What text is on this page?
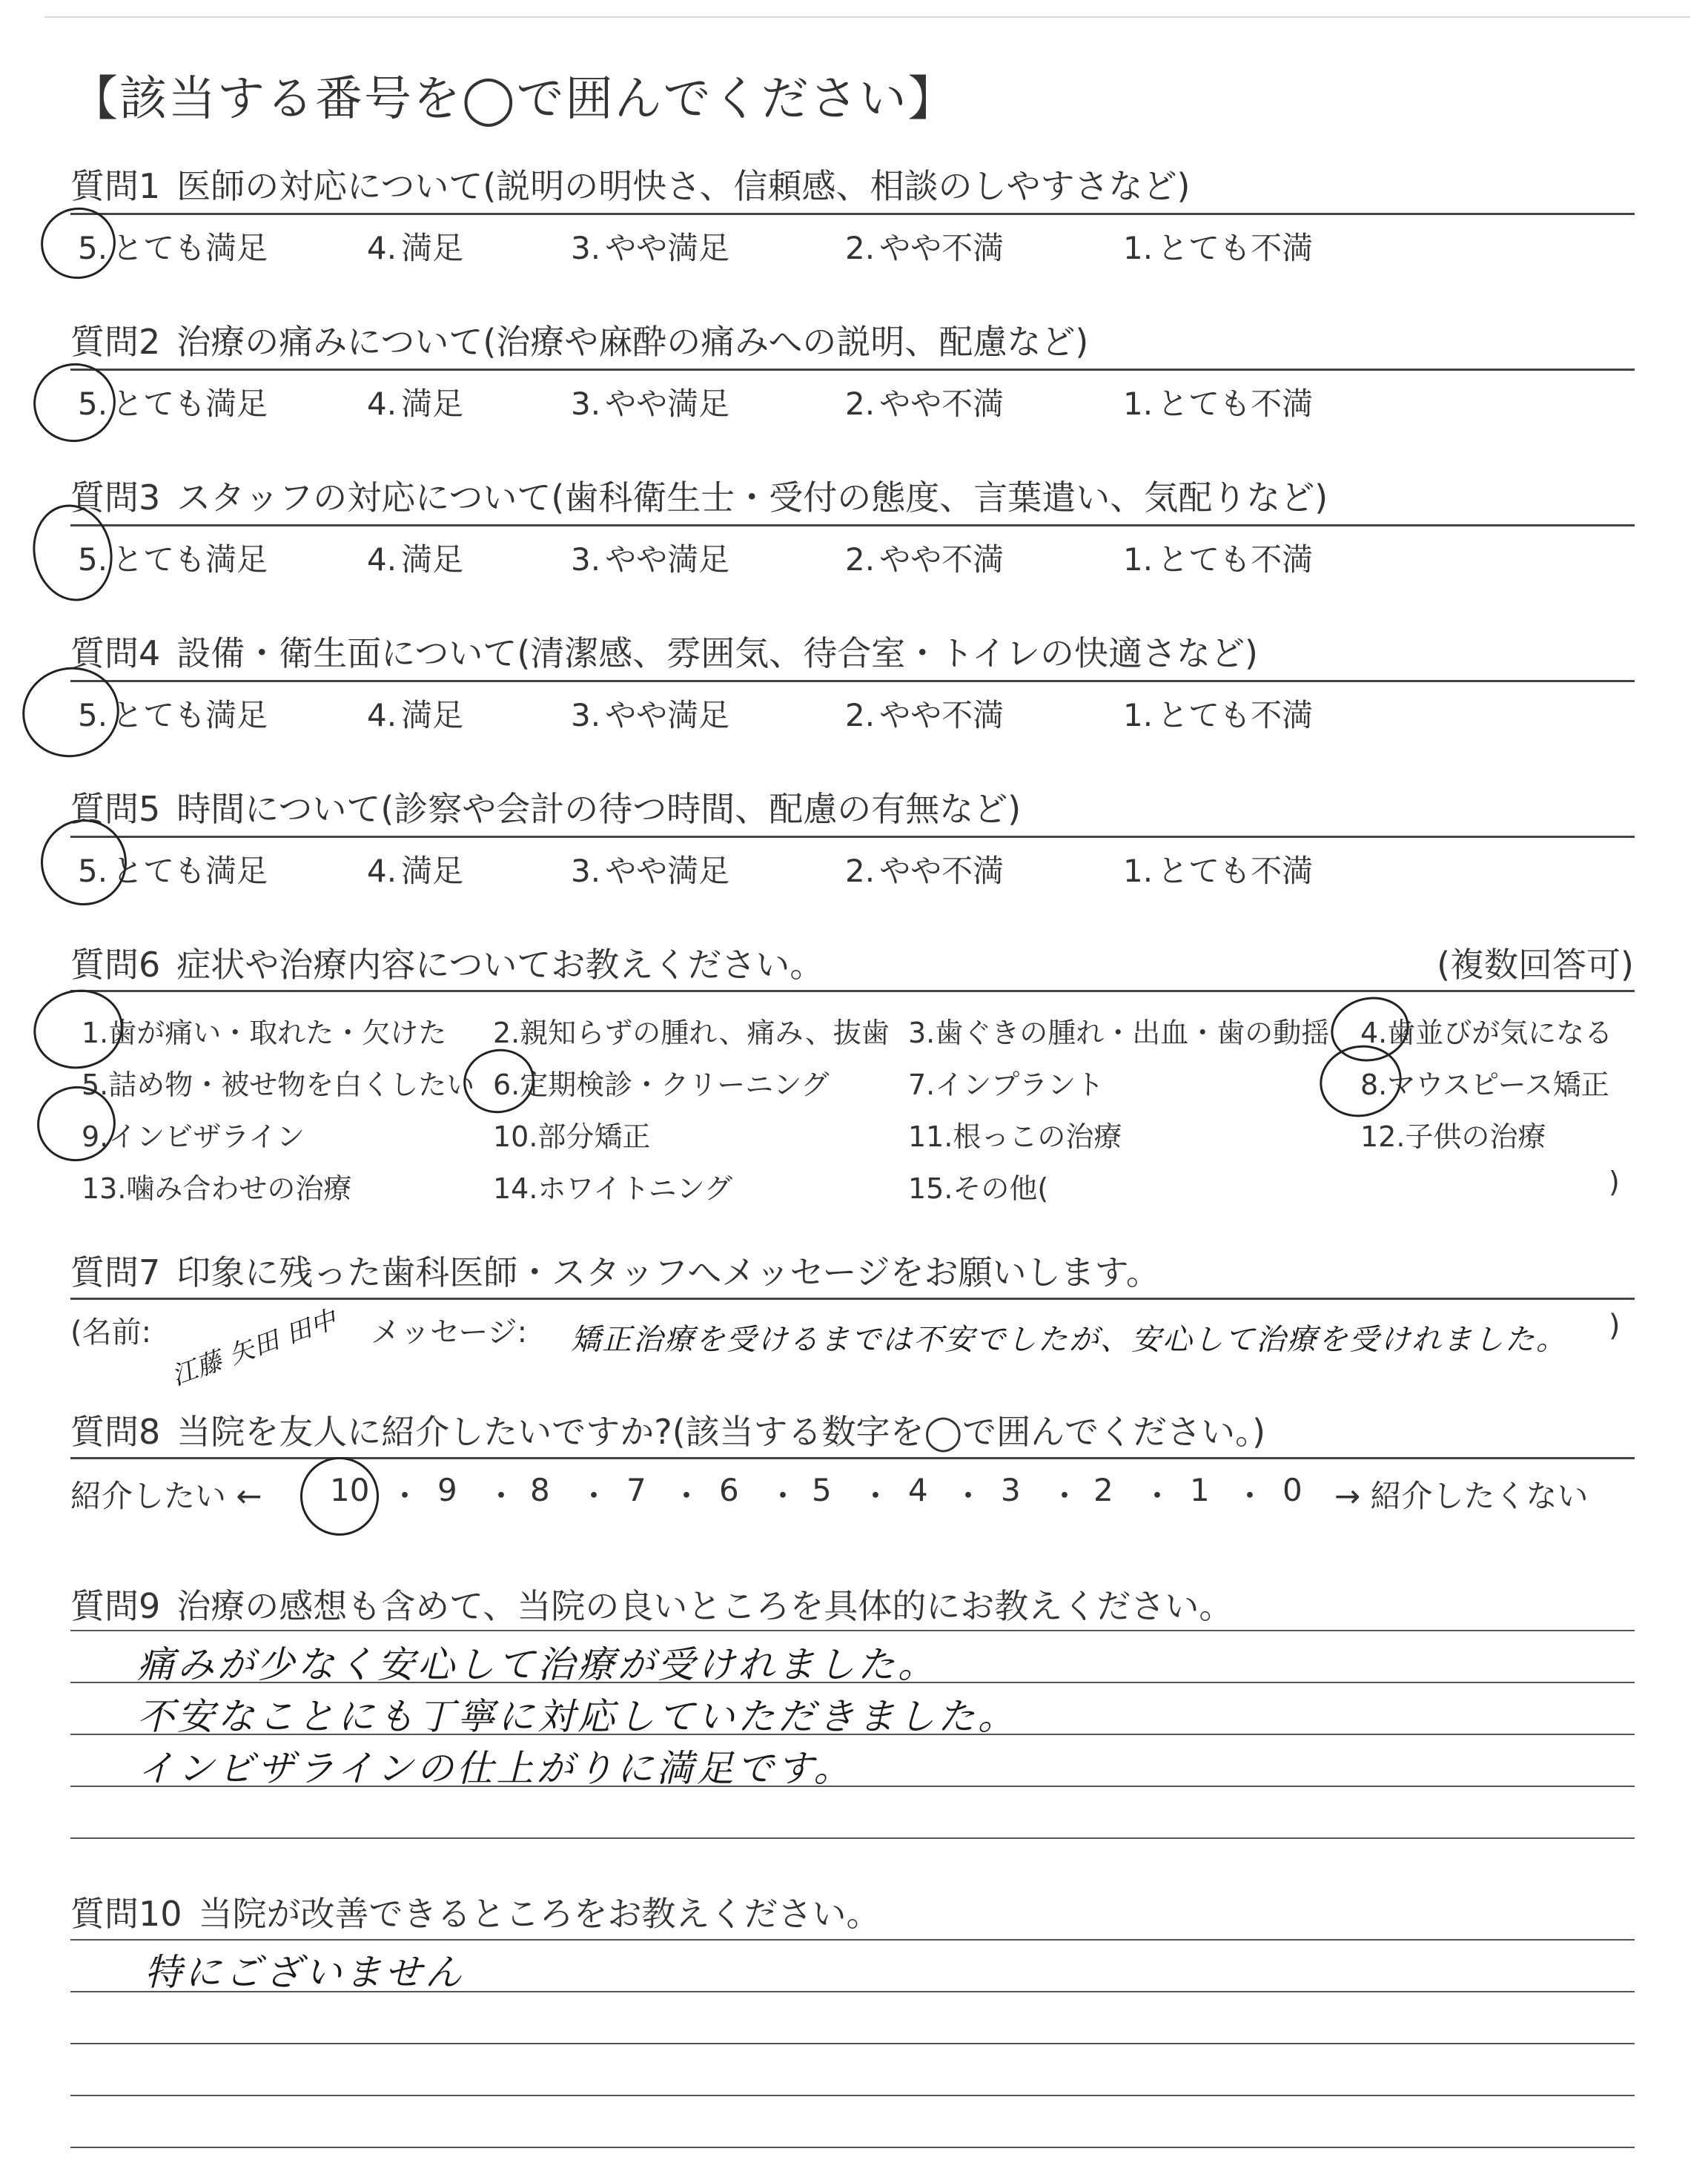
【該当する番号を◯で囲んでください】
質問1 医師の対応について(説明の明快さ、信頼感、相談のしやすさなど)
5. とても満足	4. 満足	3. やや満足	2. やや不満	1. とても不満
質問2 治療の痛みについて(治療や麻酔の痛みへの説明、配慮など)
5. とても満足	4. 満足	3. やや満足	2. やや不満	1. とても不満
質問3 スタッフの対応について(歯科衛生士・受付の態度、言葉遣い、気配りなど)
5. とても満足	4. 満足	3. やや満足	2. やや不満	1. とても不満
質問4 設備・衛生面について(清潔感、雰囲気、待合室・トイレの快適さなど)
5. とても満足	4. 満足	3. やや満足	2. やや不満	1. とても不満
質問5 時間について(診察や会計の待つ時間、配慮の有無など)
5. とても満足	4. 満足	3. やや満足	2. やや不満	1. とても不満
質問6 症状や治療内容についてお教えください。	(複数回答可)
1.歯が痛い・取れた・欠けた 2.親知らずの腫れ、痛み、抜歯 3.歯ぐきの腫れ・出血・歯の動揺 4.歯並びが気になる
5.詰め物・被せ物を白くしたい 6.定期検診・クリーニング	7.インプラント	8.マウスピース矯正
9.インビザライン	10.部分矯正	11.根っこの治療	12.子供の治療
13.噛み合わせの治療	14.ホワイトニング	15.その他(	)
質問7 印象に残った歯科医師・スタッフへメッセージをお願いします。
(名前: 江藤 矢田 田中 メッセージ: 矯正治療を受けるまでは不安でしたが、安心して治療を受けれました。 )
質問8 当院を友人に紹介したいですか?(該当する数字を◯で囲んでください。)
紹介したい ← 10 ・ 9 ・ 8 ・ 7 ・ 6 ・ 5 ・ 4 ・ 3 ・ 2 ・ 1 ・ 0 → 紹介したくない
質問9 治療の感想も含めて、当院の良いところを具体的にお教えください。
痛みが少なく安心して治療が受けれました。
不安なことにも丁寧に対応していただきました。
インビザラインの仕上がりに満足です。
質問10 当院が改善できるところをお教えください。
特にございません
